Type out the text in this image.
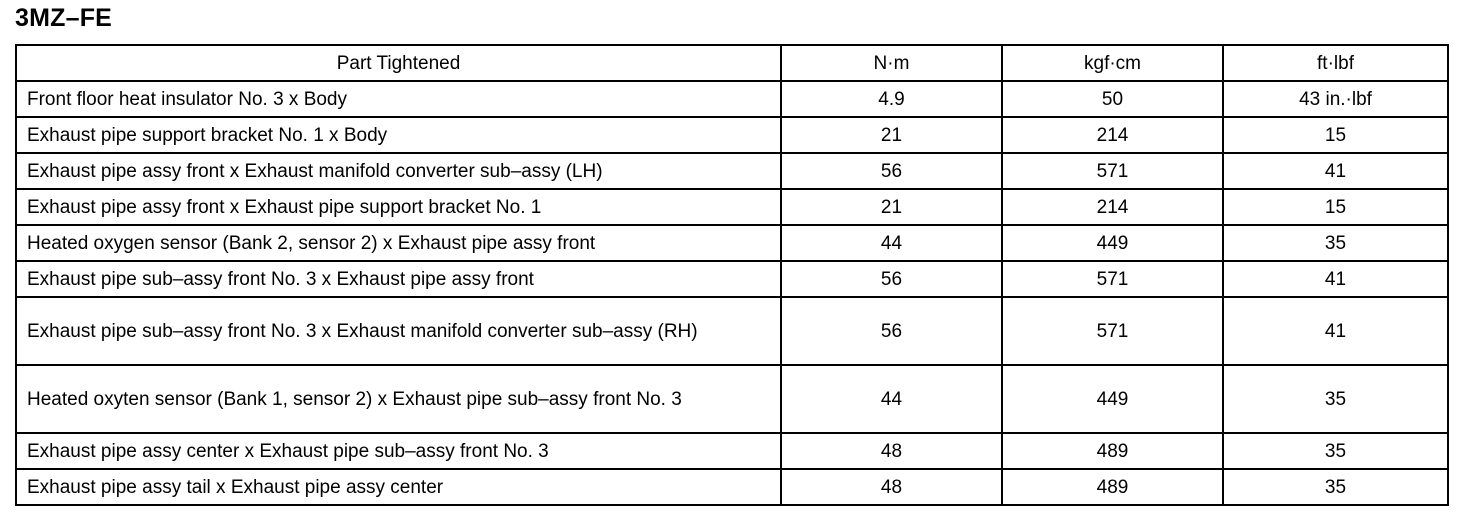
3MZ–FE
Part Tightened	N·m	kgf·cm	ft·lbf
Front floor heat insulator No. 3 x Body	4.9	50	43 in.·lbf
Exhaust pipe support bracket No. 1 x Body	21	214	15
Exhaust pipe assy front x Exhaust manifold converter sub–assy (LH)	56	571	41
Exhaust pipe assy front x Exhaust pipe support bracket No. 1	21	214	15
Heated oxygen sensor (Bank 2, sensor 2) x Exhaust pipe assy front	44	449	35
Exhaust pipe sub–assy front No. 3 x Exhaust pipe assy front	56	571	41
Exhaust pipe sub–assy front No. 3 x Exhaust manifold converter sub–assy (RH)	56	571	41
Heated oxyten sensor (Bank 1, sensor 2) x Exhaust pipe sub–assy front No. 3	44	449	35
Exhaust pipe assy center x Exhaust pipe sub–assy front No. 3	48	489	35
Exhaust pipe assy tail x Exhaust pipe assy center	48	489	35
